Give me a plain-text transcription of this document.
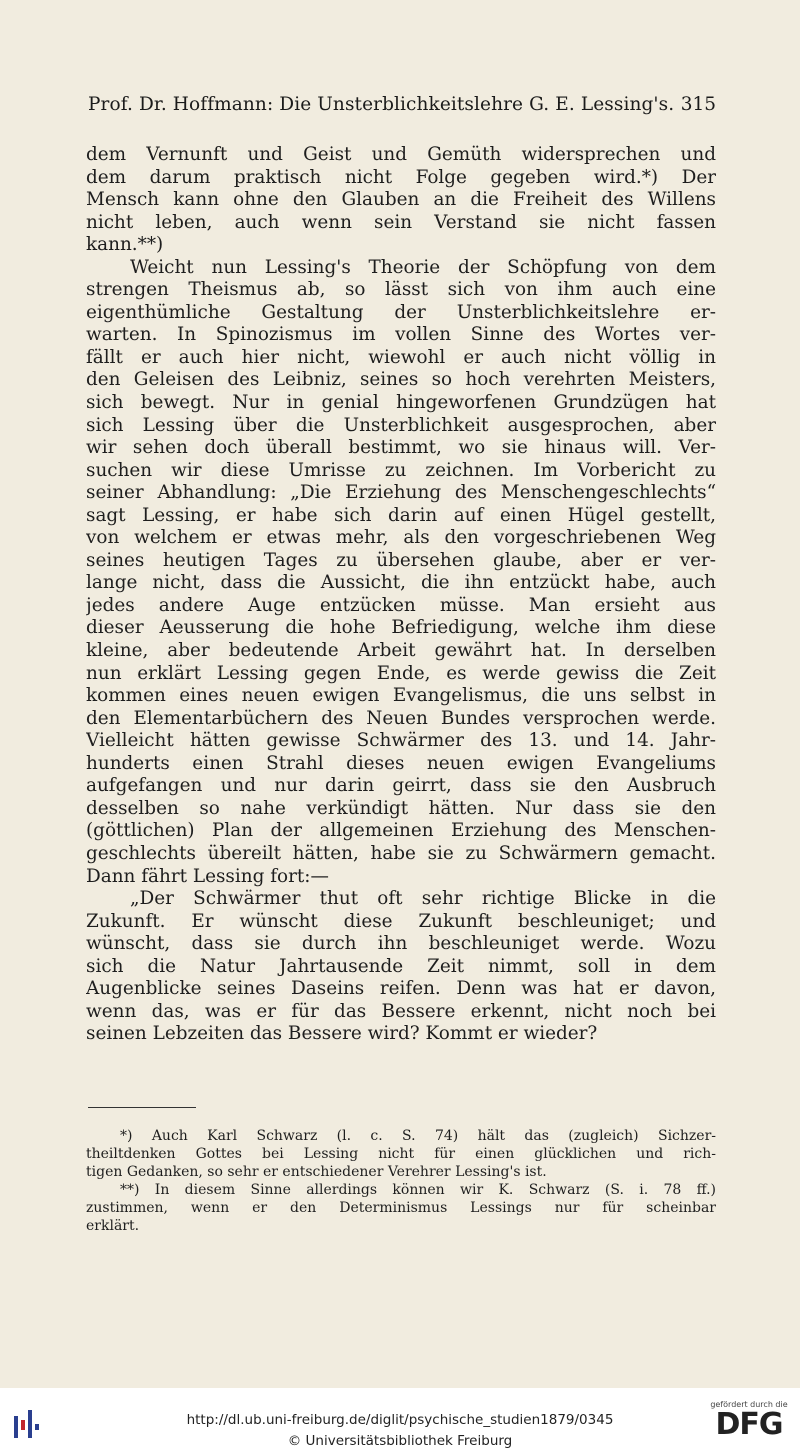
Prof. Dr. Hoffmann: Die Unsterblichkeitslehre G. E. Lessing's. 315
dem Vernunft und Geist und Gemüth widersprechen und
dem darum praktisch nicht Folge gegeben wird.*) Der
Mensch kann ohne den Glauben an die Freiheit des Willens
nicht leben, auch wenn sein Verstand sie nicht fassen
kann.**)
Weicht nun Lessing's Theorie der Schöpfung von dem
strengen Theismus ab, so lässt sich von ihm auch eine
eigenthümliche Gestaltung der Unsterblichkeitslehre er-
warten. In Spinozismus im vollen Sinne des Wortes ver-
fällt er auch hier nicht, wiewohl er auch nicht völlig in
den Geleisen des Leibniz, seines so hoch verehrten Meisters,
sich bewegt. Nur in genial hingeworfenen Grundzügen hat
sich Lessing über die Unsterblichkeit ausgesprochen, aber
wir sehen doch überall bestimmt, wo sie hinaus will. Ver-
suchen wir diese Umrisse zu zeichnen. Im Vorbericht zu
seiner Abhandlung: „Die Erziehung des Menschengeschlechts“
sagt Lessing, er habe sich darin auf einen Hügel gestellt,
von welchem er etwas mehr, als den vorgeschriebenen Weg
seines heutigen Tages zu übersehen glaube, aber er ver-
lange nicht, dass die Aussicht, die ihn entzückt habe, auch
jedes andere Auge entzücken müsse. Man ersieht aus
dieser Aeusserung die hohe Befriedigung, welche ihm diese
kleine, aber bedeutende Arbeit gewährt hat. In derselben
nun erklärt Lessing gegen Ende, es werde gewiss die Zeit
kommen eines neuen ewigen Evangelismus, die uns selbst in
den Elementarbüchern des Neuen Bundes versprochen werde.
Vielleicht hätten gewisse Schwärmer des 13. und 14. Jahr-
hunderts einen Strahl dieses neuen ewigen Evangeliums
aufgefangen und nur darin geirrt, dass sie den Ausbruch
desselben so nahe verkündigt hätten. Nur dass sie den
(göttlichen) Plan der allgemeinen Erziehung des Menschen-
geschlechts übereilt hätten, habe sie zu Schwärmern gemacht.
Dann fährt Lessing fort:—
„Der Schwärmer thut oft sehr richtige Blicke in die
Zukunft. Er wünscht diese Zukunft beschleuniget; und
wünscht, dass sie durch ihn beschleuniget werde. Wozu
sich die Natur Jahrtausende Zeit nimmt, soll in dem
Augenblicke seines Daseins reifen. Denn was hat er davon,
wenn das, was er für das Bessere erkennt, nicht noch bei
seinen Lebzeiten das Bessere wird? Kommt er wieder?
*) Auch Karl Schwarz (l. c. S. 74) hält das (zugleich) Sichzer-
theiltdenken Gottes bei Lessing nicht für einen glücklichen und rich-
tigen Gedanken, so sehr er entschiedener Verehrer Lessing's ist.
**) In diesem Sinne allerdings können wir K. Schwarz (S. i. 78 ff.)
zustimmen, wenn er den Determinismus Lessings nur für scheinbar
erklärt.
http://dl.ub.uni-freiburg.de/diglit/psychische_studien1879/0345
© Universitätsbibliothek Freiburg
gefördert durch die
DFG
